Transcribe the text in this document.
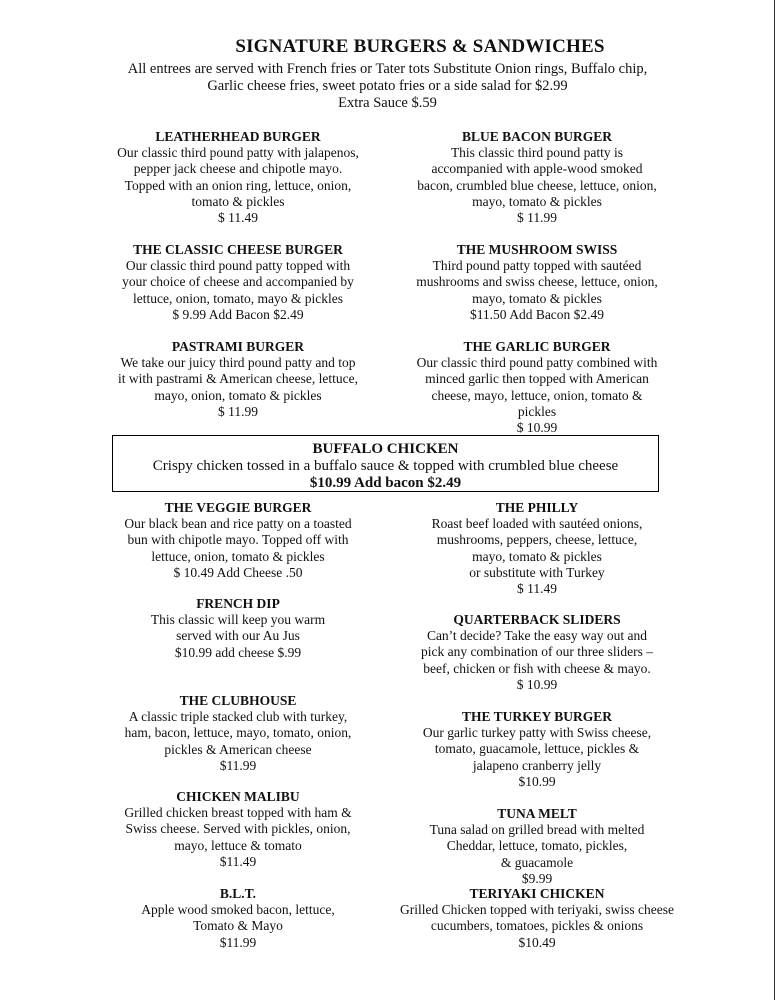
SIGNATURE BURGERS & SANDWICHES
All entrees are served with French fries or Tater tots Substitute Onion rings, Buffalo chip,
Garlic cheese fries, sweet potato fries or a side salad for $2.99
Extra Sauce $.59
LEATHERHEAD BURGER
Our classic third pound patty with jalapenos,
pepper jack cheese and chipotle mayo.
Topped with an onion ring, lettuce, onion,
tomato & pickles
$ 11.49
BLUE BACON BURGER
This classic third pound patty is
accompanied with apple-wood smoked
bacon, crumbled blue cheese, lettuce, onion,
mayo, tomato & pickles
$ 11.99
THE CLASSIC CHEESE BURGER
Our classic third pound patty topped with
your choice of cheese and accompanied by
lettuce, onion, tomato, mayo & pickles
$ 9.99 Add Bacon $2.49
THE MUSHROOM SWISS
Third pound patty topped with sautéed
mushrooms and swiss cheese, lettuce, onion,
mayo, tomato & pickles
$11.50 Add Bacon $2.49
PASTRAMI BURGER
We take our juicy third pound patty and top
it with pastrami & American cheese, lettuce,
mayo, onion, tomato & pickles
$ 11.99
THE GARLIC BURGER
Our classic third pound patty combined with
minced garlic then topped with American
cheese, mayo, lettuce, onion, tomato &
pickles
$ 10.99
BUFFALO CHICKEN
Crispy chicken tossed in a buffalo sauce & topped with crumbled blue cheese
$10.99 Add bacon $2.49
THE VEGGIE BURGER
Our black bean and rice patty on a toasted
bun with chipotle mayo. Topped off with
lettuce, onion, tomato & pickles
$ 10.49 Add Cheese .50
THE PHILLY
Roast beef loaded with sautéed onions,
mushrooms, peppers, cheese, lettuce,
mayo, tomato & pickles
or substitute with Turkey
$ 11.49
FRENCH DIP
This classic will keep you warm
served with our Au Jus
$10.99 add cheese $.99
QUARTERBACK SLIDERS
Can’t decide? Take the easy way out and
pick any combination of our three sliders –
beef, chicken or fish with cheese & mayo.
$ 10.99
THE CLUBHOUSE
A classic triple stacked club with turkey,
ham, bacon, lettuce, mayo, tomato, onion,
pickles & American cheese
$11.99
THE TURKEY BURGER
Our garlic turkey patty with Swiss cheese,
tomato, guacamole, lettuce, pickles &
jalapeno cranberry jelly
$10.99
CHICKEN MALIBU
Grilled chicken breast topped with ham &
Swiss cheese. Served with pickles, onion,
mayo, lettuce & tomato
$11.49
TUNA MELT
Tuna salad on grilled bread with melted
Cheddar, lettuce, tomato, pickles,
& guacamole
$9.99
B.L.T.
Apple wood smoked bacon, lettuce,
Tomato & Mayo
$11.99
TERIYAKI CHICKEN
Grilled Chicken topped with teriyaki, swiss cheese
cucumbers, tomatoes, pickles & onions
$10.49
